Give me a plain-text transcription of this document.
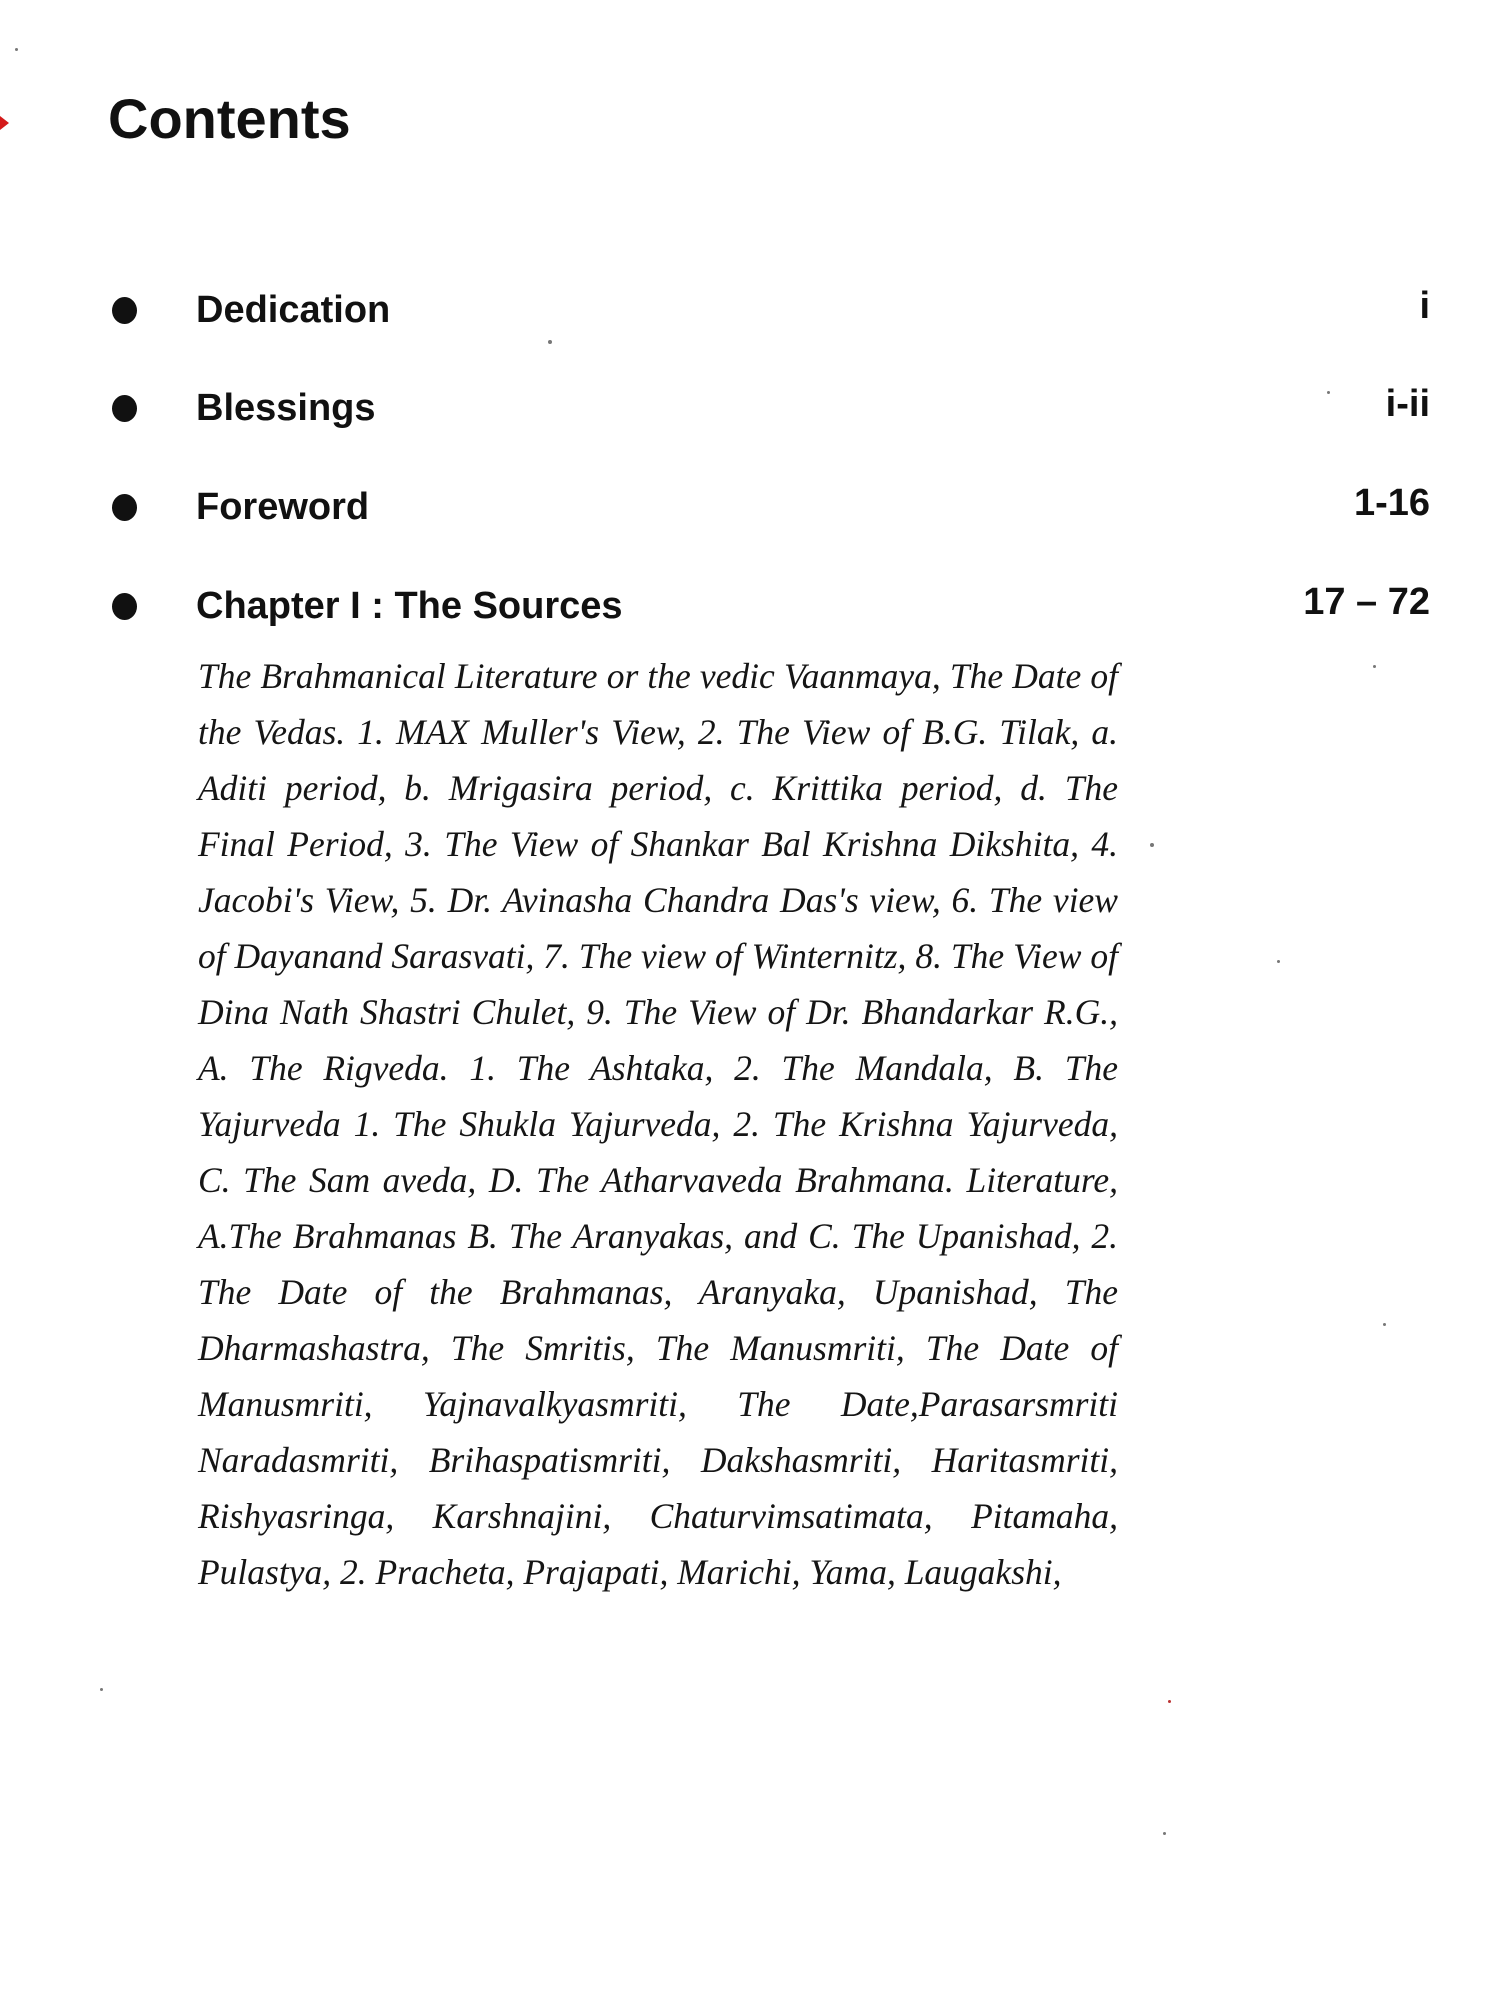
Contents
Dedication	i
Blessings	i-ii
Foreword	1-16
Chapter I : The Sources	17 – 72

The Brahmanical Literature or the vedic Vaanmaya, The Date of the Vedas. 1. MAX Muller's View, 2. The View of B.G. Tilak, a. Aditi period, b. Mrigasira period, c. Krittika period, d. The Final Period, 3. The View of Shankar Bal Krishna Dikshita, 4. Jacobi's View, 5. Dr. Avinasha Chandra Das's view, 6. The view of Dayanand Sarasvati, 7. The view of Winternitz, 8. The View of Dina Nath Shastri Chulet, 9. The View of Dr. Bhandarkar R.G., A. The Rigveda. 1. The Ashtaka, 2. The Mandala, B. The Yajurveda 1. The Shukla Yajurveda, 2. The Krishna Yajurveda, C. The Sam aveda, D. The Atharvaveda Brahmana. Literature, A.The Brahmanas B. The Aranyakas, and C. The Upanishad, 2. The Date of the Brahmanas, Aranyaka, Upanishad, The Dharmashastra, The Smritis, The Manusmriti, The Date of Manusmriti, Yajnavalkyasmriti, The Date,Parasarsmriti Naradasmriti, Brihaspatismriti, Dakshasmriti, Haritasmriti, Rishyasringa, Karshnajini, Chaturvimsatimata, Pitamaha, Pulastya, 2. Pracheta, Prajapati, Marichi, Yama, Laugakshi,
